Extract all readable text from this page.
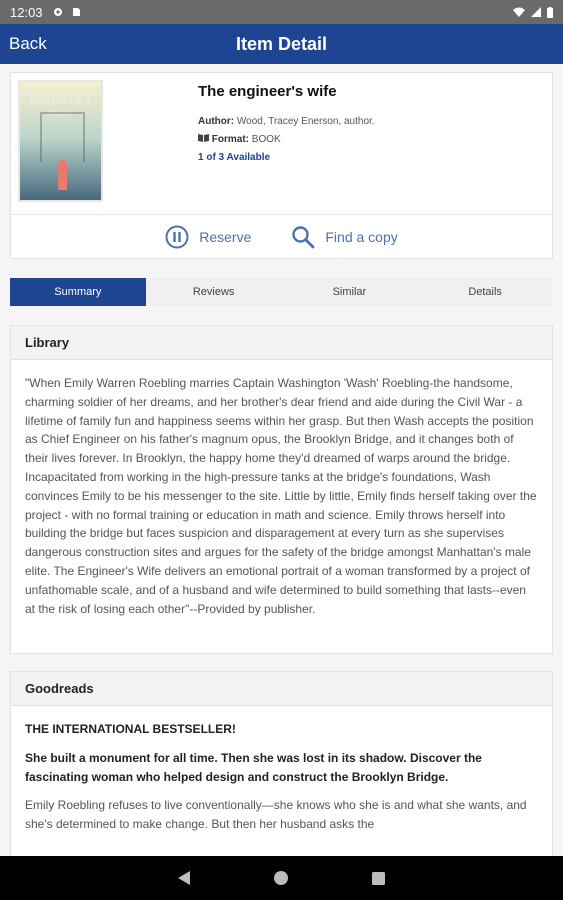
12:03
Back	Item Detail
ENGINEER'S
WIFE
The engineer's wife
Author: Wood, Tracey Enerson, author.
Format: BOOK
1 of 3 Available
Reserve	Find a copy
Summary	Reviews	Similar	Details
Library
"When Emily Warren Roebling marries Captain Washington 'Wash' Roebling-the handsome, charming soldier of her dreams, and her brother's dear friend and aide during the Civil War - a lifetime of family fun and happiness seems within her grasp. But then Wash accepts the position as Chief Engineer on his father's magnum opus, the Brooklyn Bridge, and it changes both of their lives forever. In Brooklyn, the happy home they'd dreamed of warps around the bridge. Incapacitated from working in the high-pressure tanks at the bridge's foundations, Wash convinces Emily to be his messenger to the site. Little by little, Emily finds herself taking over the project - with no formal training or education in math and science. Emily throws herself into building the bridge but faces suspicion and disparagement at every turn as she supervises dangerous construction sites and argues for the safety of the bridge amongst Manhattan's male elite. The Engineer's Wife delivers an emotional portrait of a woman transformed by a project of unfathomable scale, and of a husband and wife determined to build something that lasts--even at the risk of losing each other"--Provided by publisher.
Goodreads

THE INTERNATIONAL BESTSELLER!

She built a monument for all time. Then she was lost in its shadow. Discover the fascinating woman who helped design and construct the Brooklyn Bridge.

Emily Roebling refuses to live conventionally—she knows who she is and what she wants, and she's determined to make change. But then her husband asks the
